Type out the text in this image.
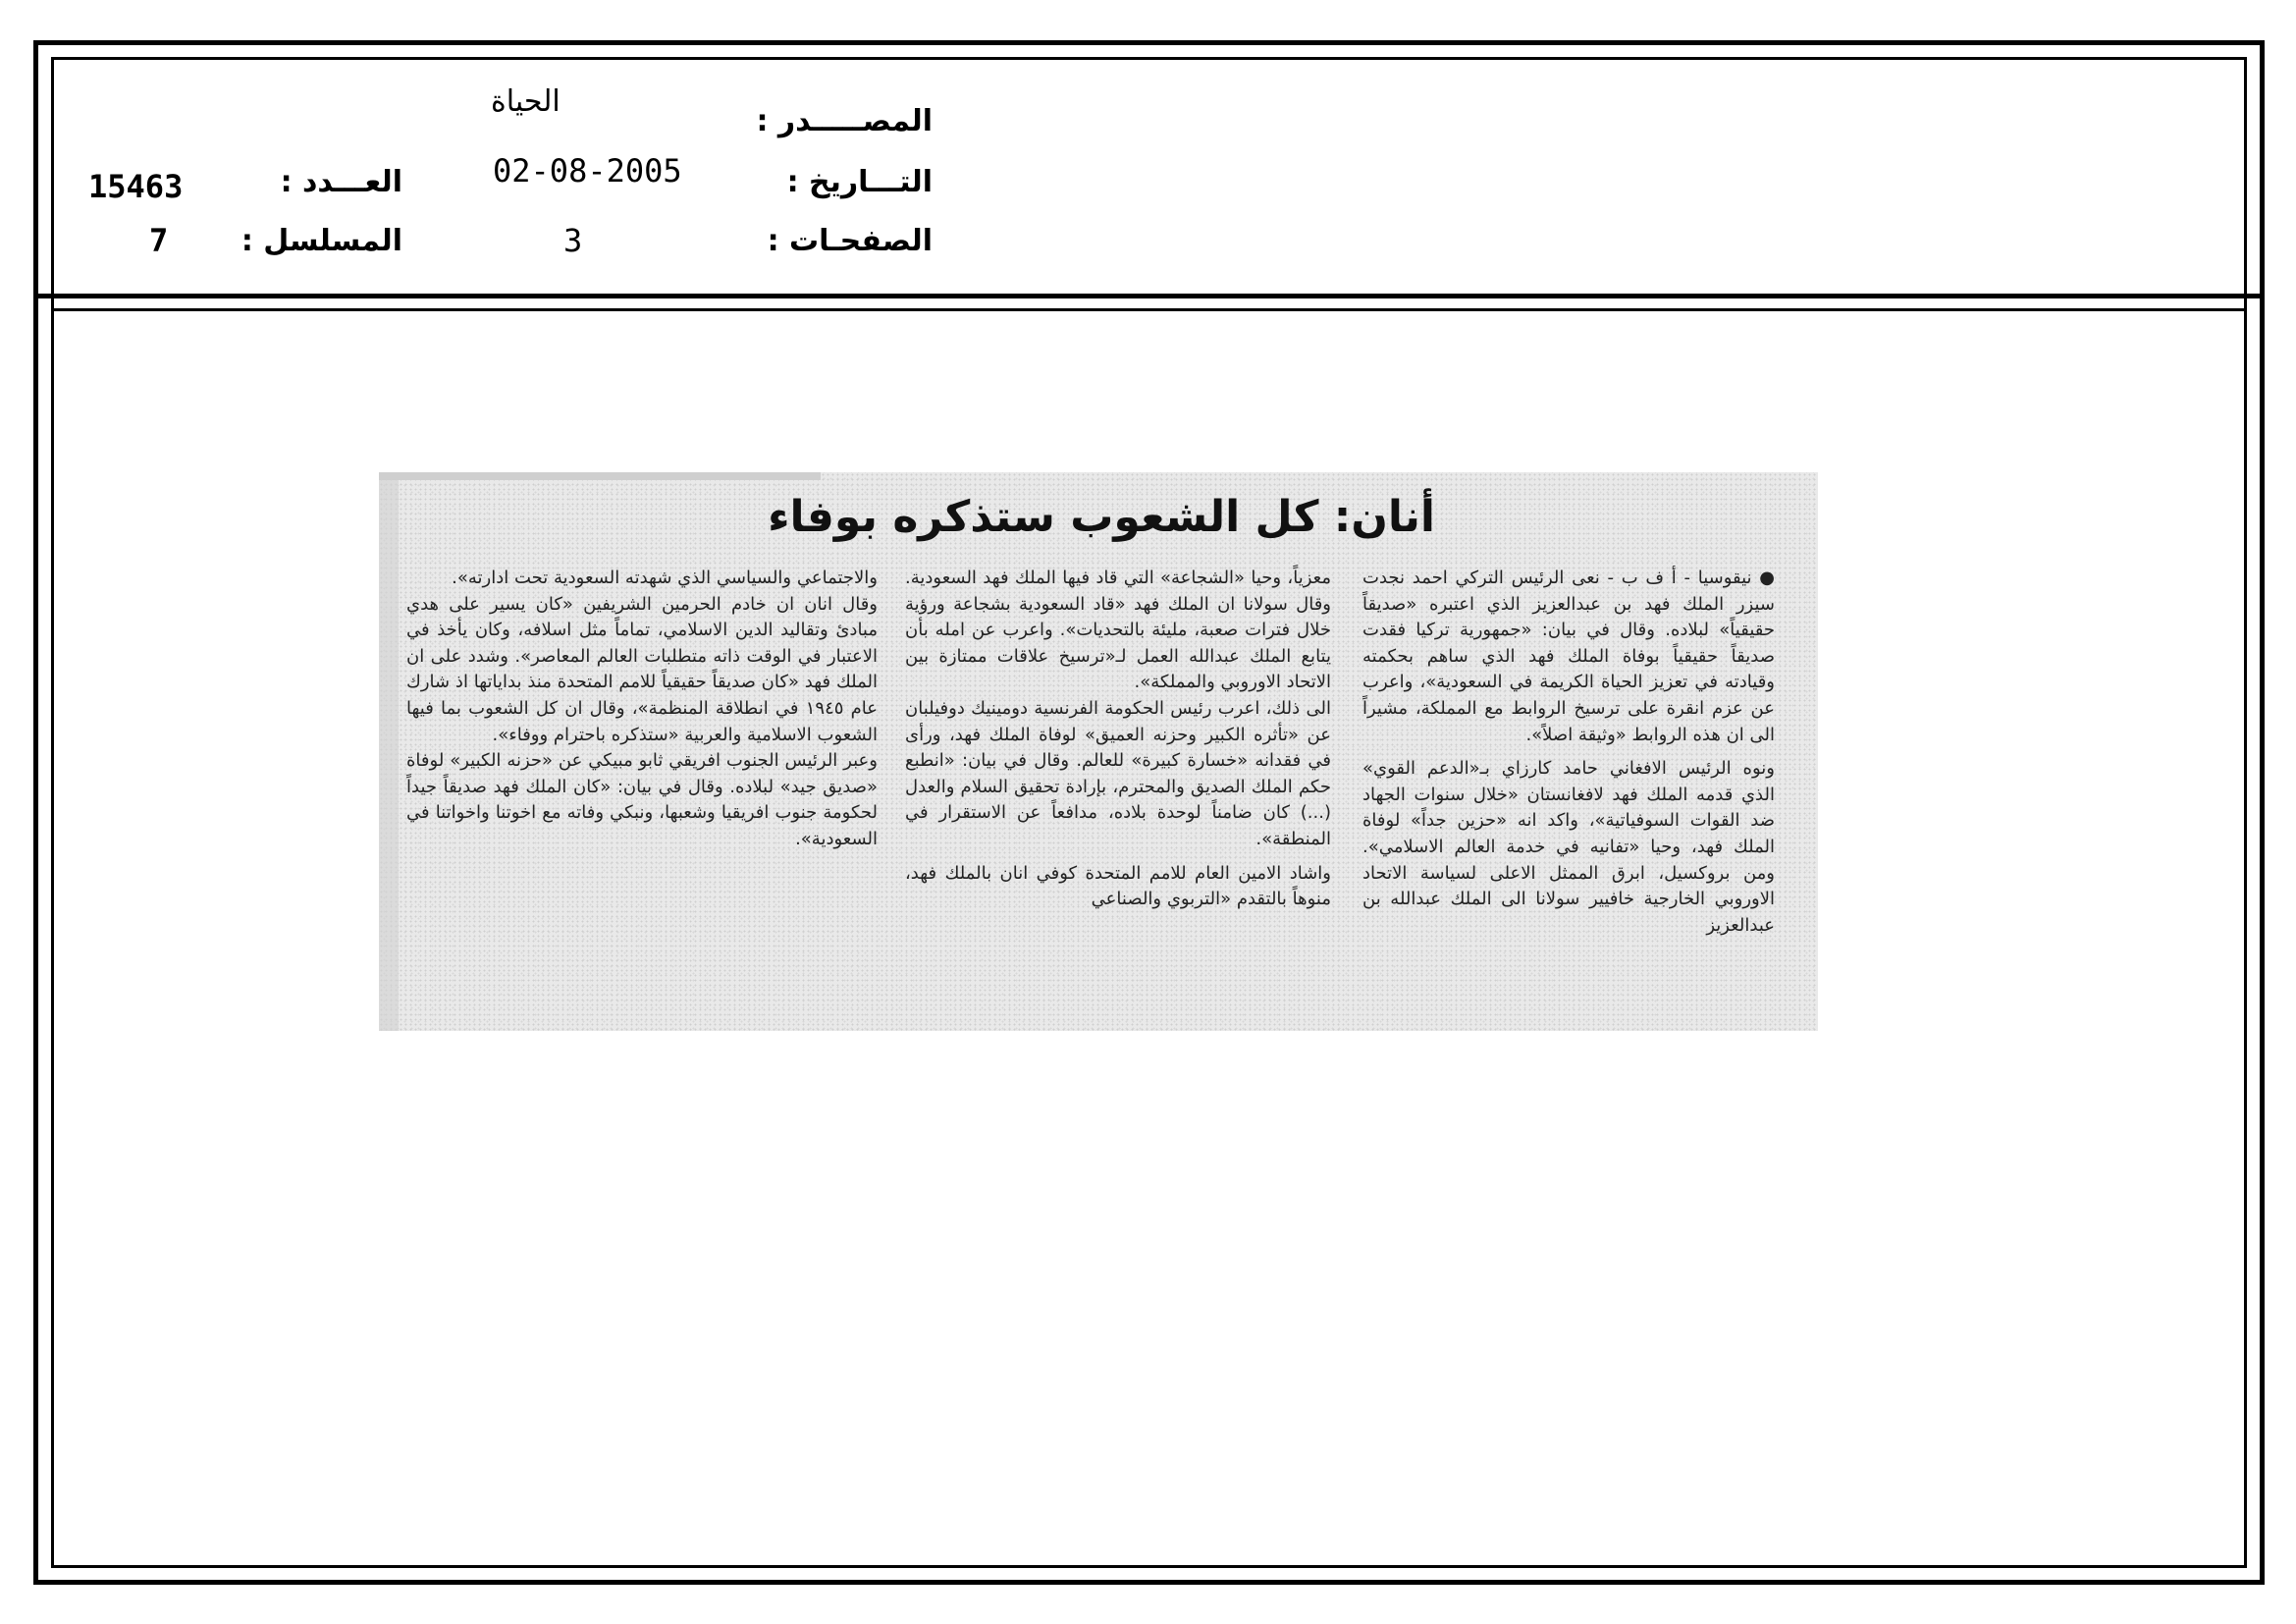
المصـــــدر :
الحياة
التـــاريخ :
02-08-2005
الصفحـات :
3
العـــدد :
15463
المسلسل :
7
أنان: كل الشعوب ستذكره بوفاء

● نيقوسيا - أ ف ب - نعى الرئيس التركي احمد نجدت سيزر الملك فهد بن عبدالعزيز الذي اعتبره «صديقاً حقيقياً» لبلاده. وقال في بيان: «جمهورية تركيا فقدت صديقاً حقيقياً بوفاة الملك فهد الذي ساهم بحكمته وقيادته في تعزيز الحياة الكريمة في السعودية»، واعرب عن عزم انقرة على ترسيخ الروابط مع المملكة، مشيراً الى ان هذه الروابط «وثيقة اصلاً».

ونوه الرئيس الافغاني حامد كارزاي بـ«الدعم القوي» الذي قدمه الملك فهد لافغانستان «خلال سنوات الجهاد ضد القوات السوفياتية»، واكد انه «حزين جداً» لوفاة الملك فهد، وحيا «تفانيه في خدمة العالم الاسلامي». ومن بروكسيل، ابرق الممثل الاعلى لسياسة الاتحاد الاوروبي الخارجية خافيير سولانا الى الملك عبدالله بن عبدالعزيز

معزياً، وحيا «الشجاعة» التي قاد فيها الملك فهد السعودية. وقال سولانا ان الملك فهد «قاد السعودية بشجاعة ورؤية خلال فترات صعبة، مليئة بالتحديات». واعرب عن امله بأن يتابع الملك عبدالله العمل لـ«ترسيخ علاقات ممتازة بين الاتحاد الاوروبي والمملكة».

الى ذلك، اعرب رئيس الحكومة الفرنسية دومينيك دوفيلبان عن «تأثره الكبير وحزنه العميق» لوفاة الملك فهد، ورأى في فقدانه «خسارة كبيرة» للعالم. وقال في بيان: «انطبع حكم الملك الصديق والمحترم، بإرادة تحقيق السلام والعدل (...) كان ضامناً لوحدة بلاده، مدافعاً عن الاستقرار في المنطقة».

واشاد الامين العام للامم المتحدة كوفي انان بالملك فهد، منوهاً بالتقدم «التربوي والصناعي

والاجتماعي والسياسي الذي شهدته السعودية تحت ادارته».

وقال انان ان خادم الحرمين الشريفين «كان يسير على هدي مبادئ وتقاليد الدين الاسلامي، تماماً مثل اسلافه، وكان يأخذ في الاعتبار في الوقت ذاته متطلبات العالم المعاصر». وشدد على ان الملك فهد «كان صديقاً حقيقياً للامم المتحدة منذ بداياتها اذ شارك عام ١٩٤٥ في انطلاقة المنظمة»، وقال ان كل الشعوب بما فيها الشعوب الاسلامية والعربية «ستذكره باحترام ووفاء».

وعبر الرئيس الجنوب افريقي ثابو مبيكي عن «حزنه الكبير» لوفاة «صديق جيد» لبلاده. وقال في بيان: «كان الملك فهد صديقاً جيداً لحكومة جنوب افريقيا وشعبها، ونبكي وفاته مع اخوتنا واخواتنا في السعودية».
